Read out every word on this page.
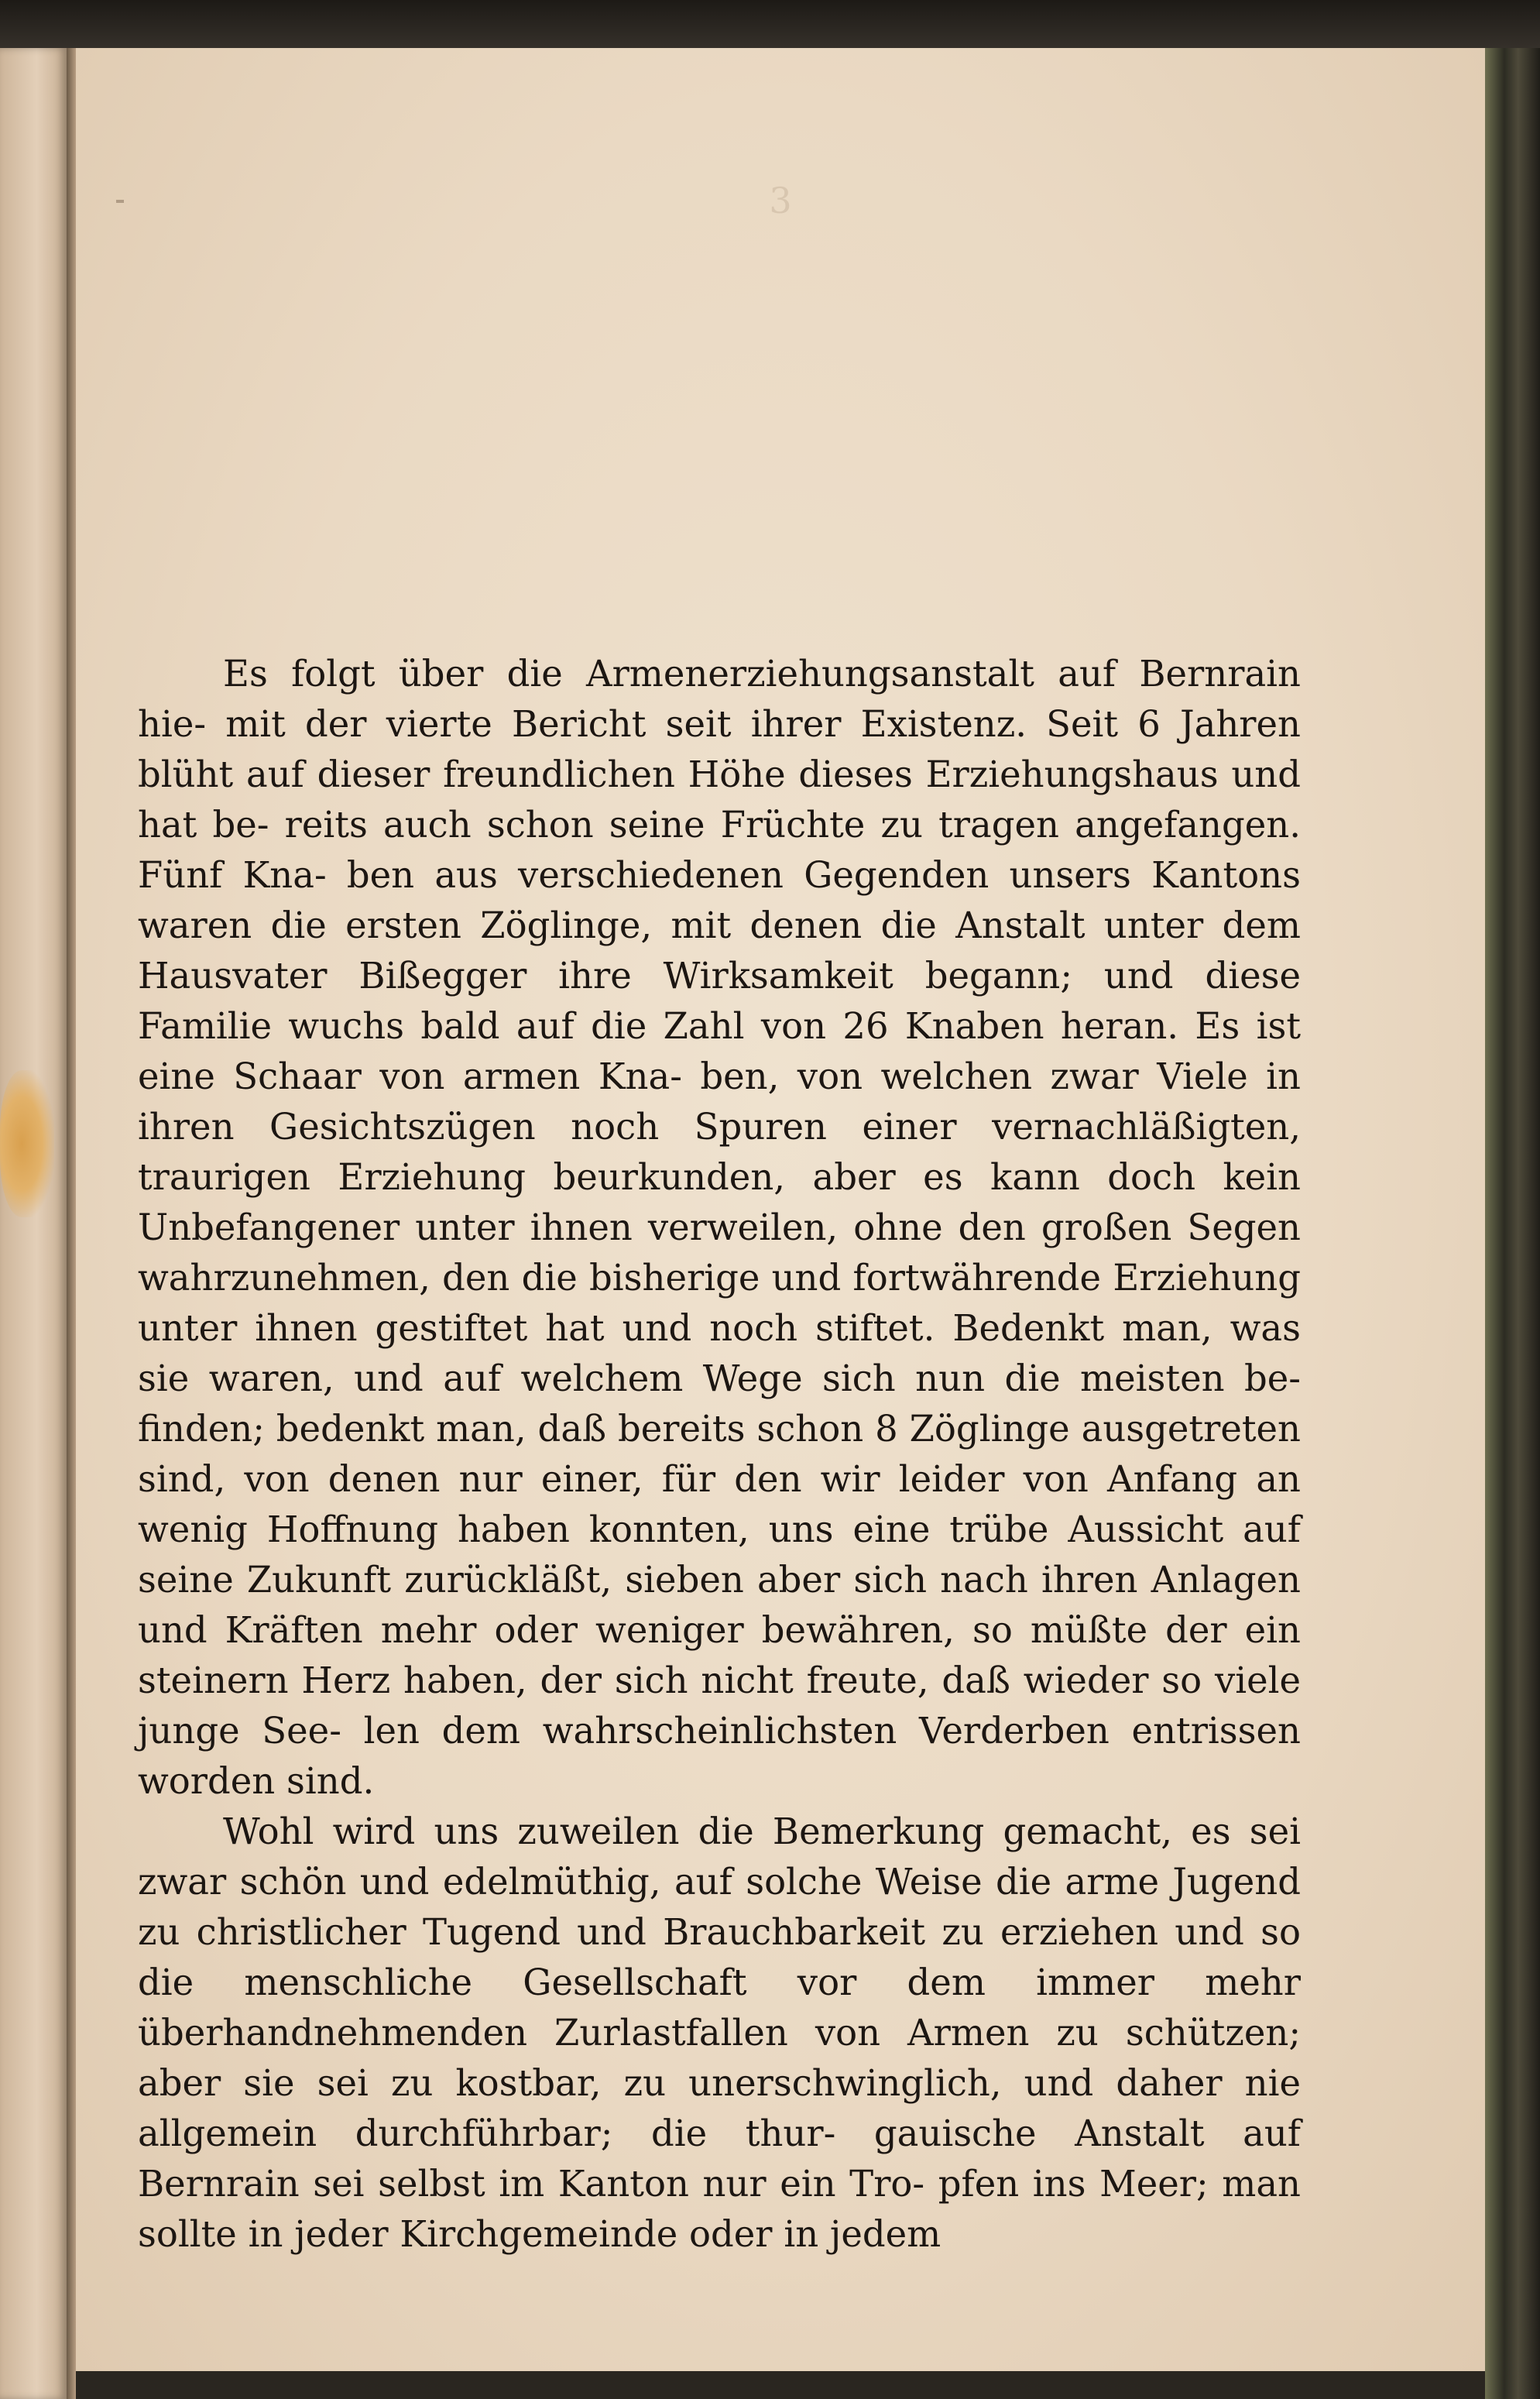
3

Es folgt über die Armenerziehungsanstalt auf Bernrain hie- mit der vierte Bericht seit ihrer Existenz. Seit 6 Jahren blüht auf dieser freundlichen Höhe dieses Erziehungshaus und hat be- reits auch schon seine Früchte zu tragen angefangen. Fünf Kna- ben aus verschiedenen Gegenden unsers Kantons waren die ersten Zöglinge, mit denen die Anstalt unter dem Hausvater Bißegger ihre Wirksamkeit begann; und diese Familie wuchs bald auf die Zahl von 26 Knaben heran. Es ist eine Schaar von armen Kna- ben, von welchen zwar Viele in ihren Gesichtszügen noch Spuren einer vernachläßigten, traurigen Erziehung beurkunden, aber es kann doch kein Unbefangener unter ihnen verweilen, ohne den großen Segen wahrzunehmen, den die bisherige und fortwährende Erziehung unter ihnen gestiftet hat und noch stiftet. Bedenkt man, was sie waren, und auf welchem Wege sich nun die meisten be- finden; bedenkt man, daß bereits schon 8 Zöglinge ausgetreten sind, von denen nur einer, für den wir leider von Anfang an wenig Hoffnung haben konnten, uns eine trübe Aussicht auf seine Zukunft zurückläßt, sieben aber sich nach ihren Anlagen und Kräften mehr oder weniger bewähren, so müßte der ein steinern Herz haben, der sich nicht freute, daß wieder so viele junge See- len dem wahrscheinlichsten Verderben entrissen worden sind.

Wohl wird uns zuweilen die Bemerkung gemacht, es sei zwar schön und edelmüthig, auf solche Weise die arme Jugend zu christlicher Tugend und Brauchbarkeit zu erziehen und so die menschliche Gesellschaft vor dem immer mehr überhandnehmenden Zurlastfallen von Armen zu schützen; aber sie sei zu kostbar, zu unerschwinglich, und daher nie allgemein durchführbar; die thur- gauische Anstalt auf Bernrain sei selbst im Kanton nur ein Tro- pfen ins Meer; man sollte in jeder Kirchgemeinde oder in jedem
